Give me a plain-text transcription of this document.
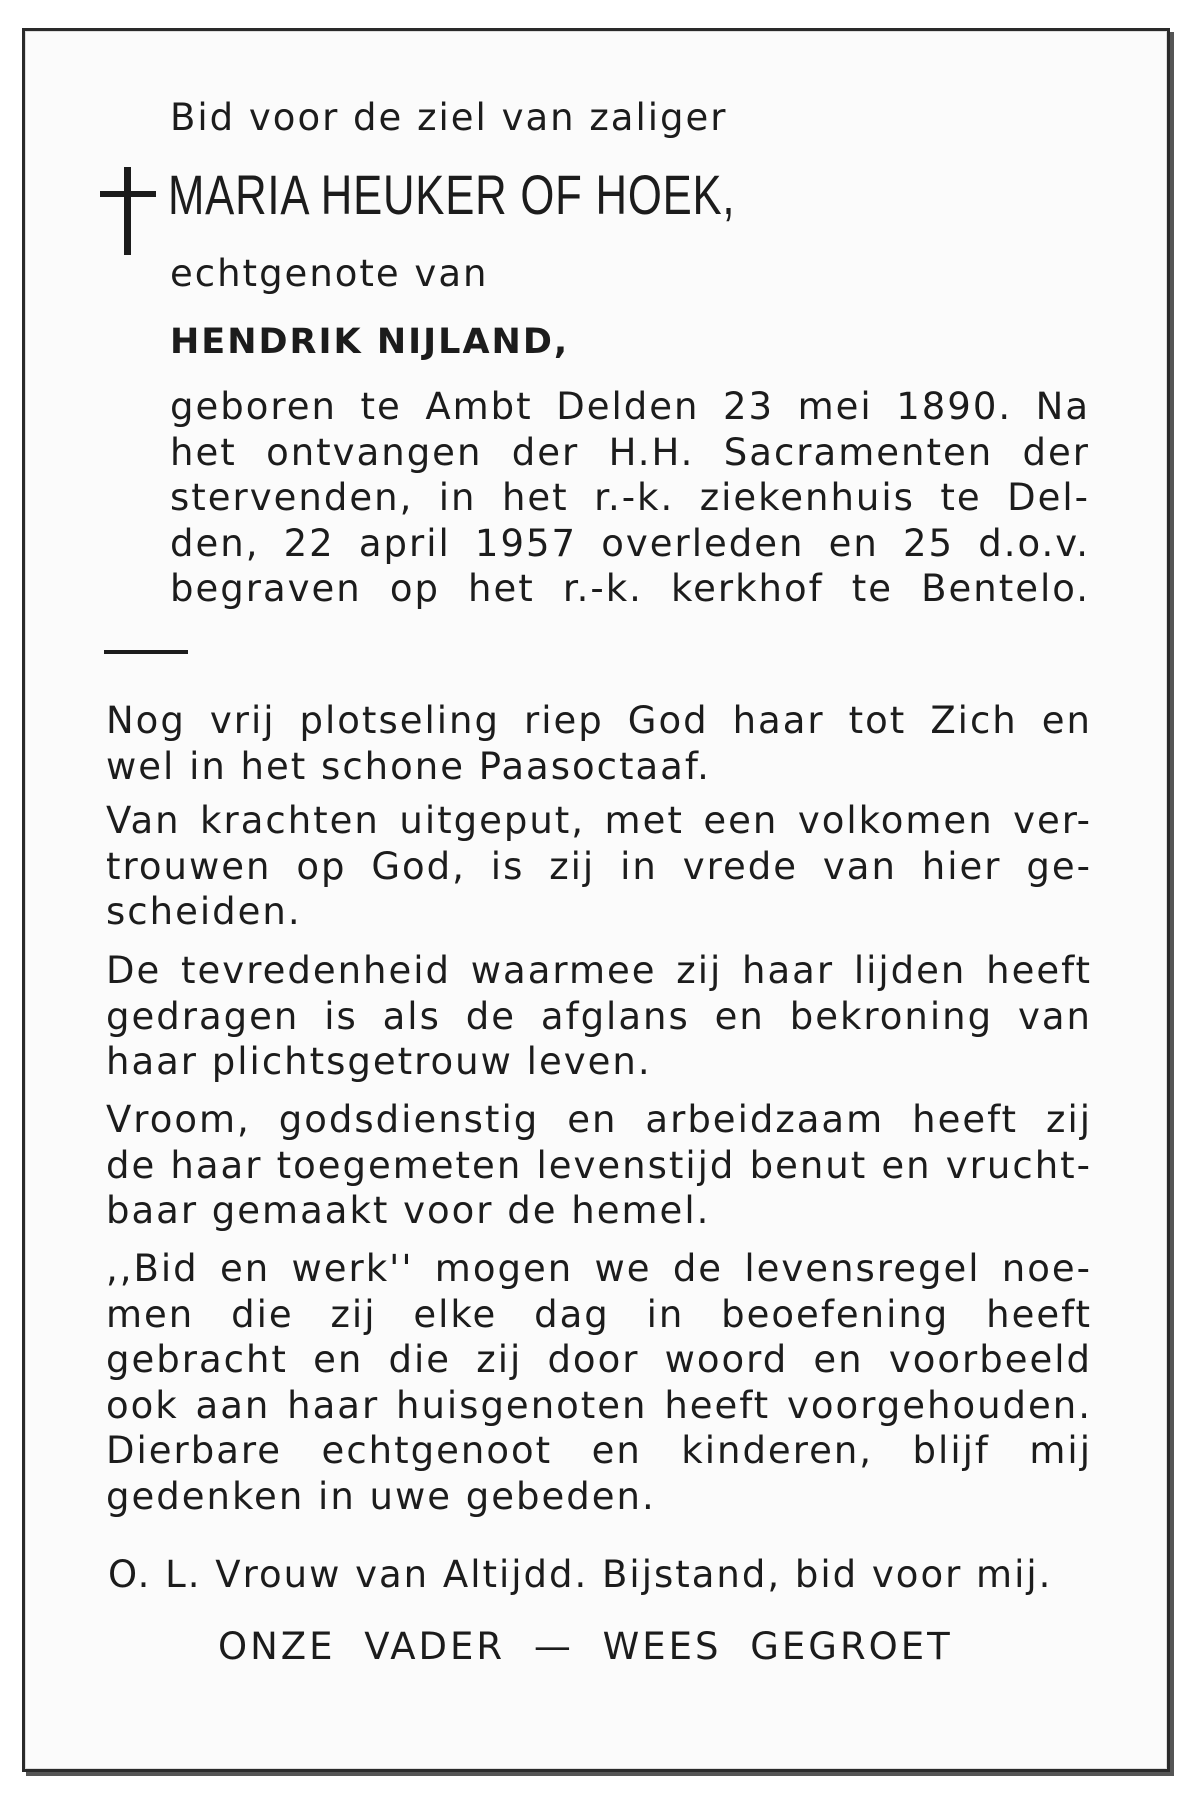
Bid voor de ziel van zaliger
MARIA HEUKER OF HOEK,
echtgenote van
HENDRIK NIJLAND,
geboren te Ambt Delden 23 mei 1890. Na
het ontvangen der H.H. Sacramenten der
stervenden, in het r.-k. ziekenhuis te Del-
den, 22 april 1957 overleden en 25 d.o.v.
begraven op het r.-k. kerkhof te Bentelo.
Nog vrij plotseling riep God haar tot Zich en
wel in het schone Paasoctaaf.
Van krachten uitgeput, met een volkomen ver-
trouwen op God, is zij in vrede van hier ge-
scheiden.
De tevredenheid waarmee zij haar lijden heeft
gedragen is als de afglans en bekroning van
haar plichtsgetrouw leven.
Vroom, godsdienstig en arbeidzaam heeft zij
de haar toegemeten levenstijd benut en vrucht-
baar gemaakt voor de hemel.
,,Bid en werk'' mogen we de levensregel noe-
men die zij elke dag in beoefening heeft
gebracht en die zij door woord en voorbeeld
ook aan haar huisgenoten heeft voorgehouden.
Dierbare echtgenoot en kinderen, blijf mij
gedenken in uwe gebeden.
O. L. Vrouw van Altijdd. Bijstand, bid voor mij.
ONZE VADER — WEES GEGROET
